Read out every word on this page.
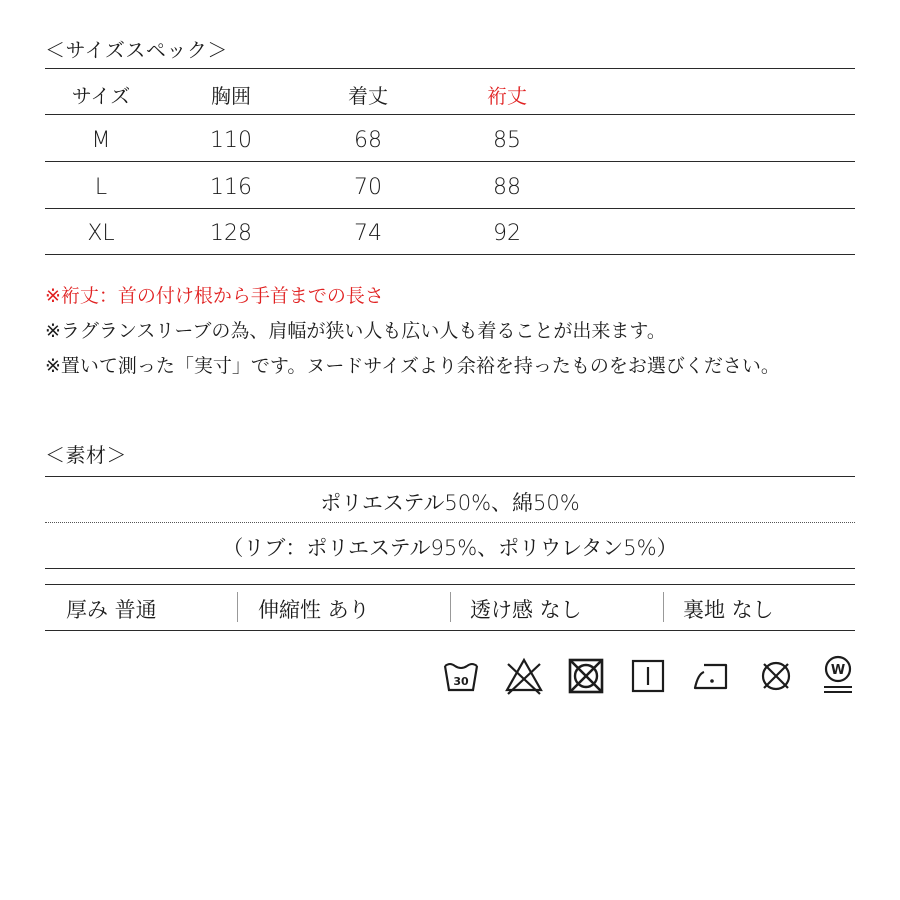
＜サイズスペック＞
サイズ	胸囲	着丈	裄丈
M	110	68	85
L	116	70	88
XL	128	74	92
※裄丈：首の付け根から手首までの長さ
※ラグランスリーブの為、肩幅が狭い人も広い人も着ることが出来ます。
※置いて測った「実寸」です。ヌードサイズより余裕を持ったものをお選びください。
＜素材＞
ポリエステル50%、綿50%
（リブ：ポリエステル95%、ポリウレタン5%）
厚み 普通	伸縮性 あり	透け感 なし	裏地 なし
30
W
